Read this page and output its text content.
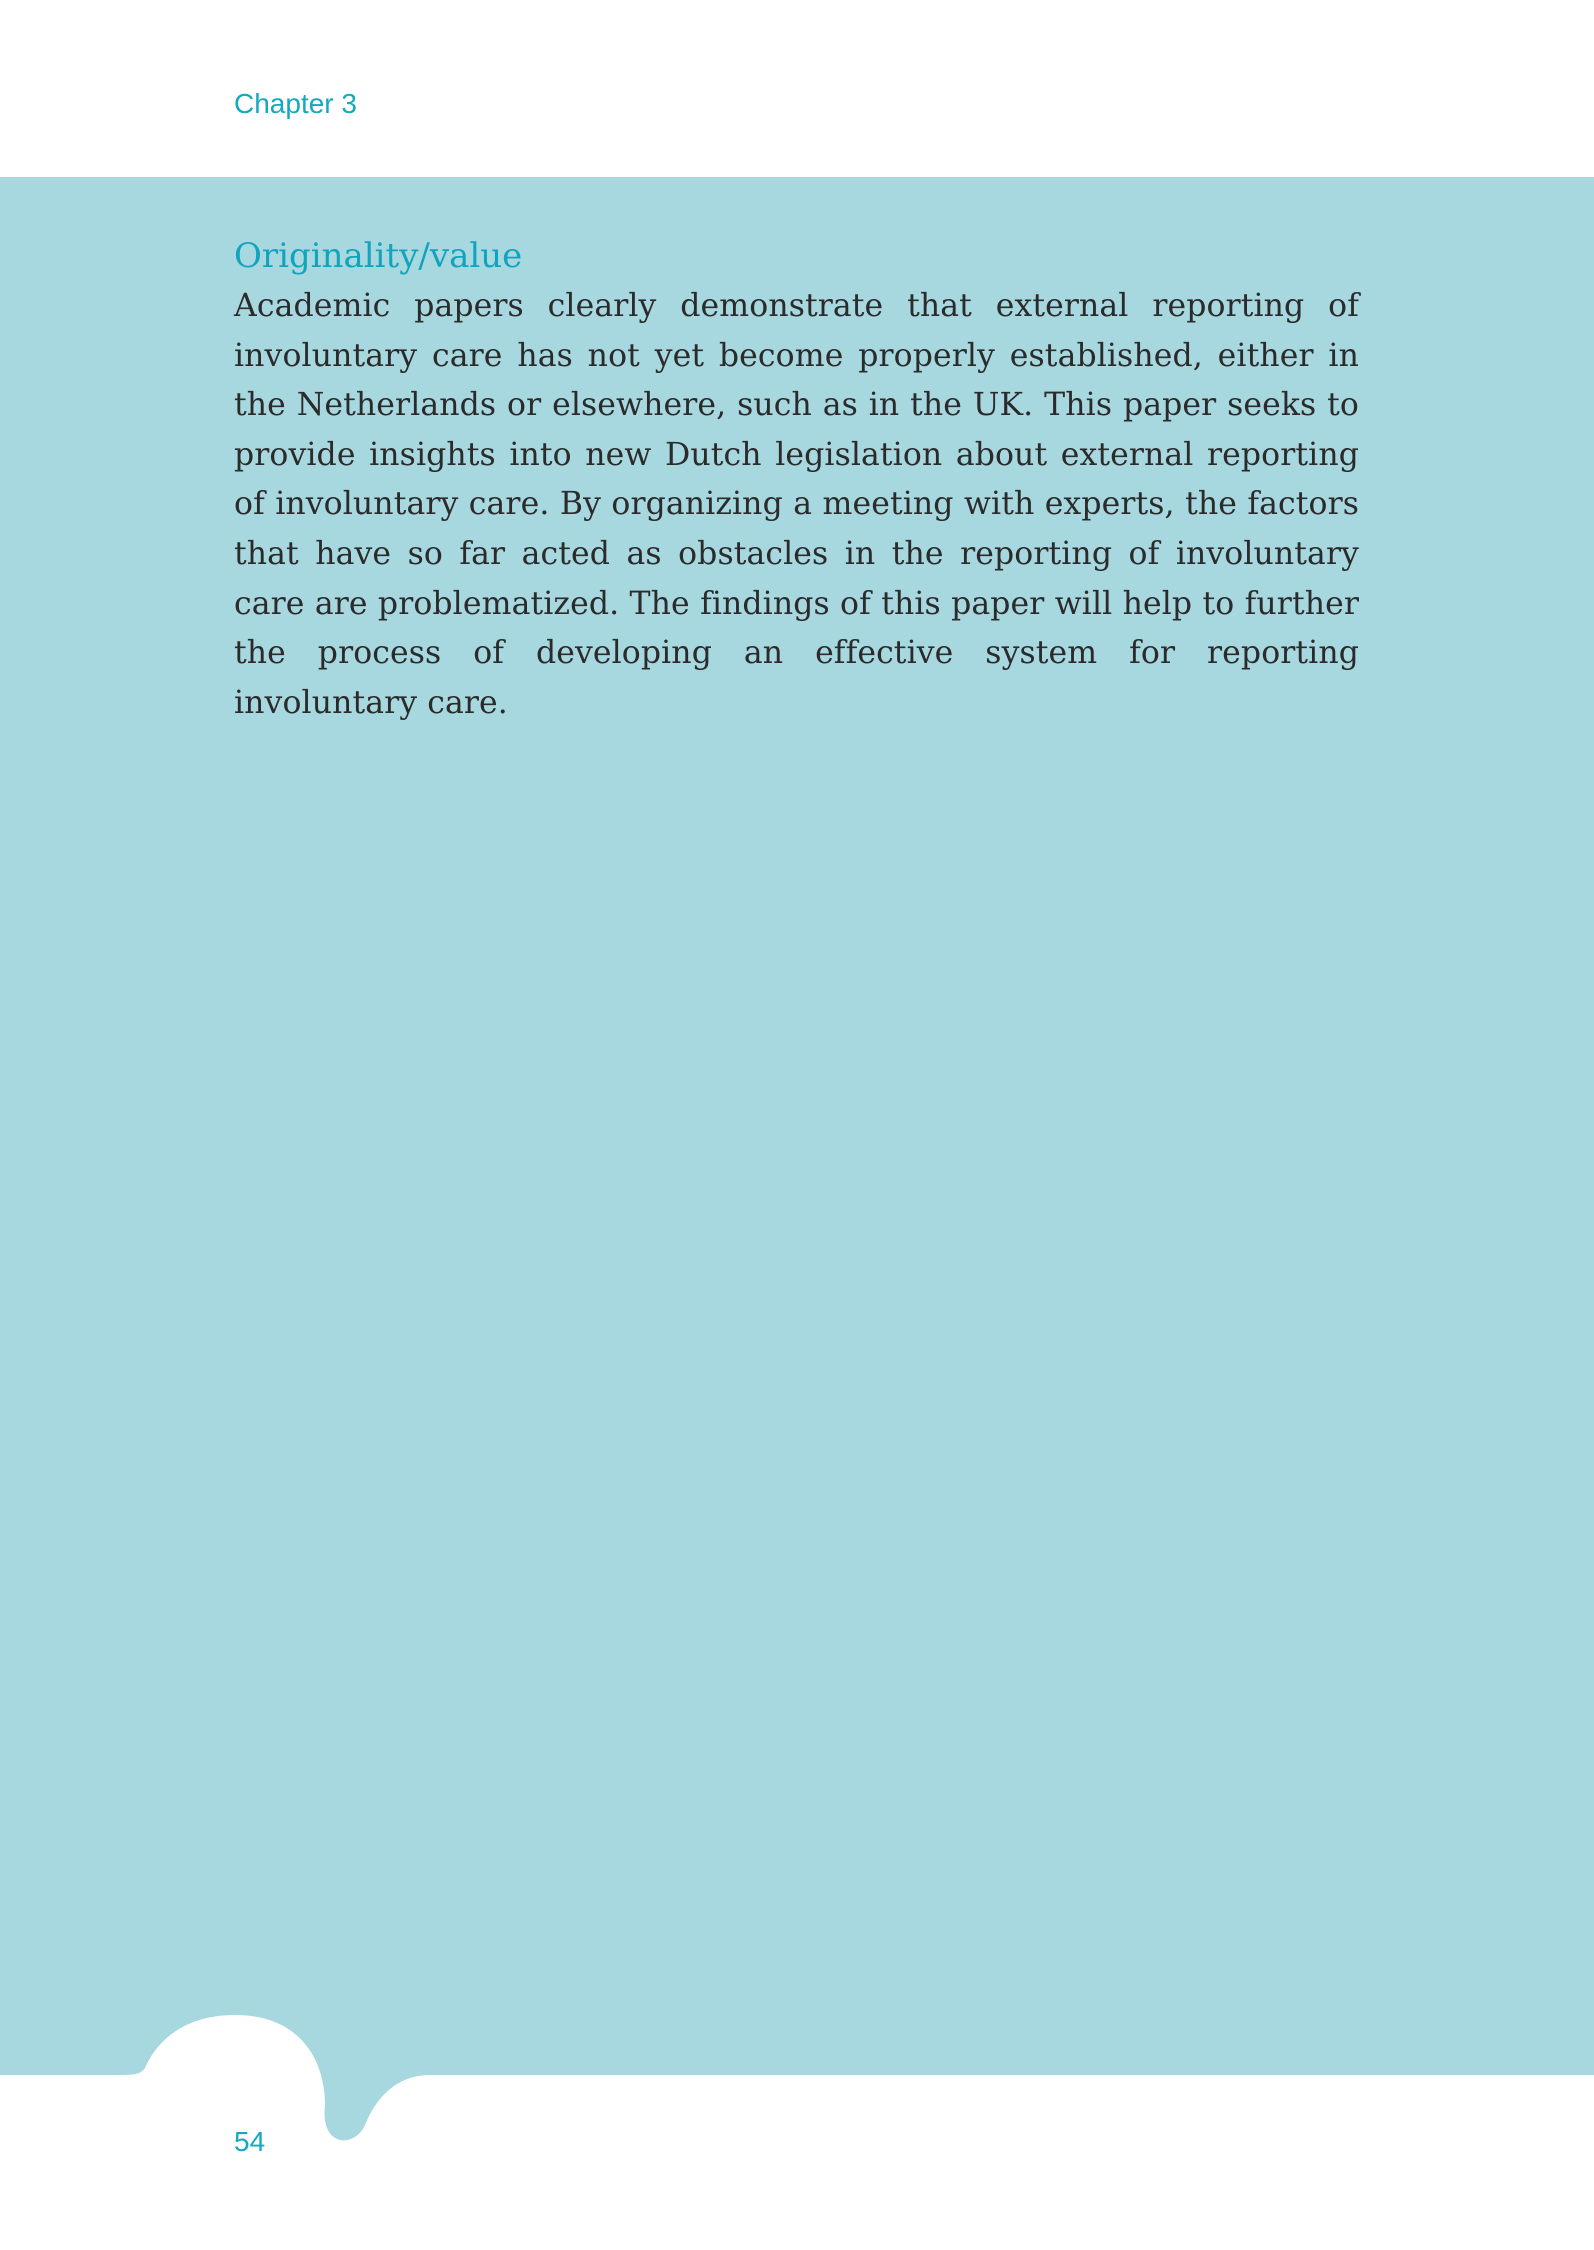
Chapter 3
Originality/value

Academic papers clearly demonstrate that external reporting of involuntary care has not yet become properly established, either in the Netherlands or elsewhere, such as in the UK. This paper seeks to provide insights into new Dutch legislation about external reporting of involuntary care. By organizing a meeting with experts, the factors that have so far acted as obstacles in the reporting of involuntary care are problematized. The findings of this paper will help to further the process of developing an effective system for reporting involuntary care.

54
